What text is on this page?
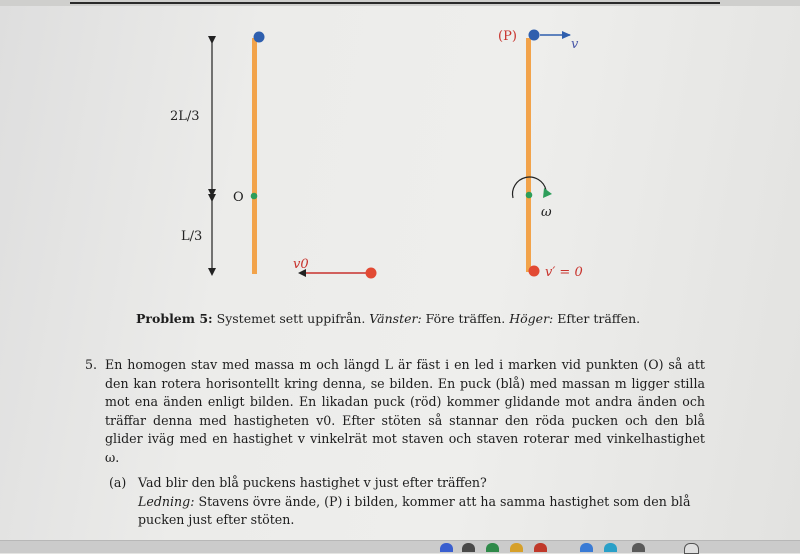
2L/3
L/3
O
v0
(P)
v
ω
v′ = 0
Problem 5: Systemet sett uppifrån. Vänster: Före träffen. Höger: Efter träffen.
5. En homogen stav med massa m och längd L är fäst i en led i marken vid punkten (O) så att den kan rotera horisontellt kring denna, se bilden. En puck (blå) med massan m ligger stilla mot ena änden enligt bilden. En likadan puck (röd) kommer glidande mot andra änden och träffar denna med hastigheten v0. Efter stöten så stannar den röda pucken och den blå glider iväg med en hastighet v vinkelrät mot staven och staven roterar med vinkelhastighet ω.
(a) Vad blir den blå puckens hastighet v just efter träffen?
Ledning: Stavens övre ände, (P) i bilden, kommer att ha samma hastighet som den blå pucken just efter stöten.
